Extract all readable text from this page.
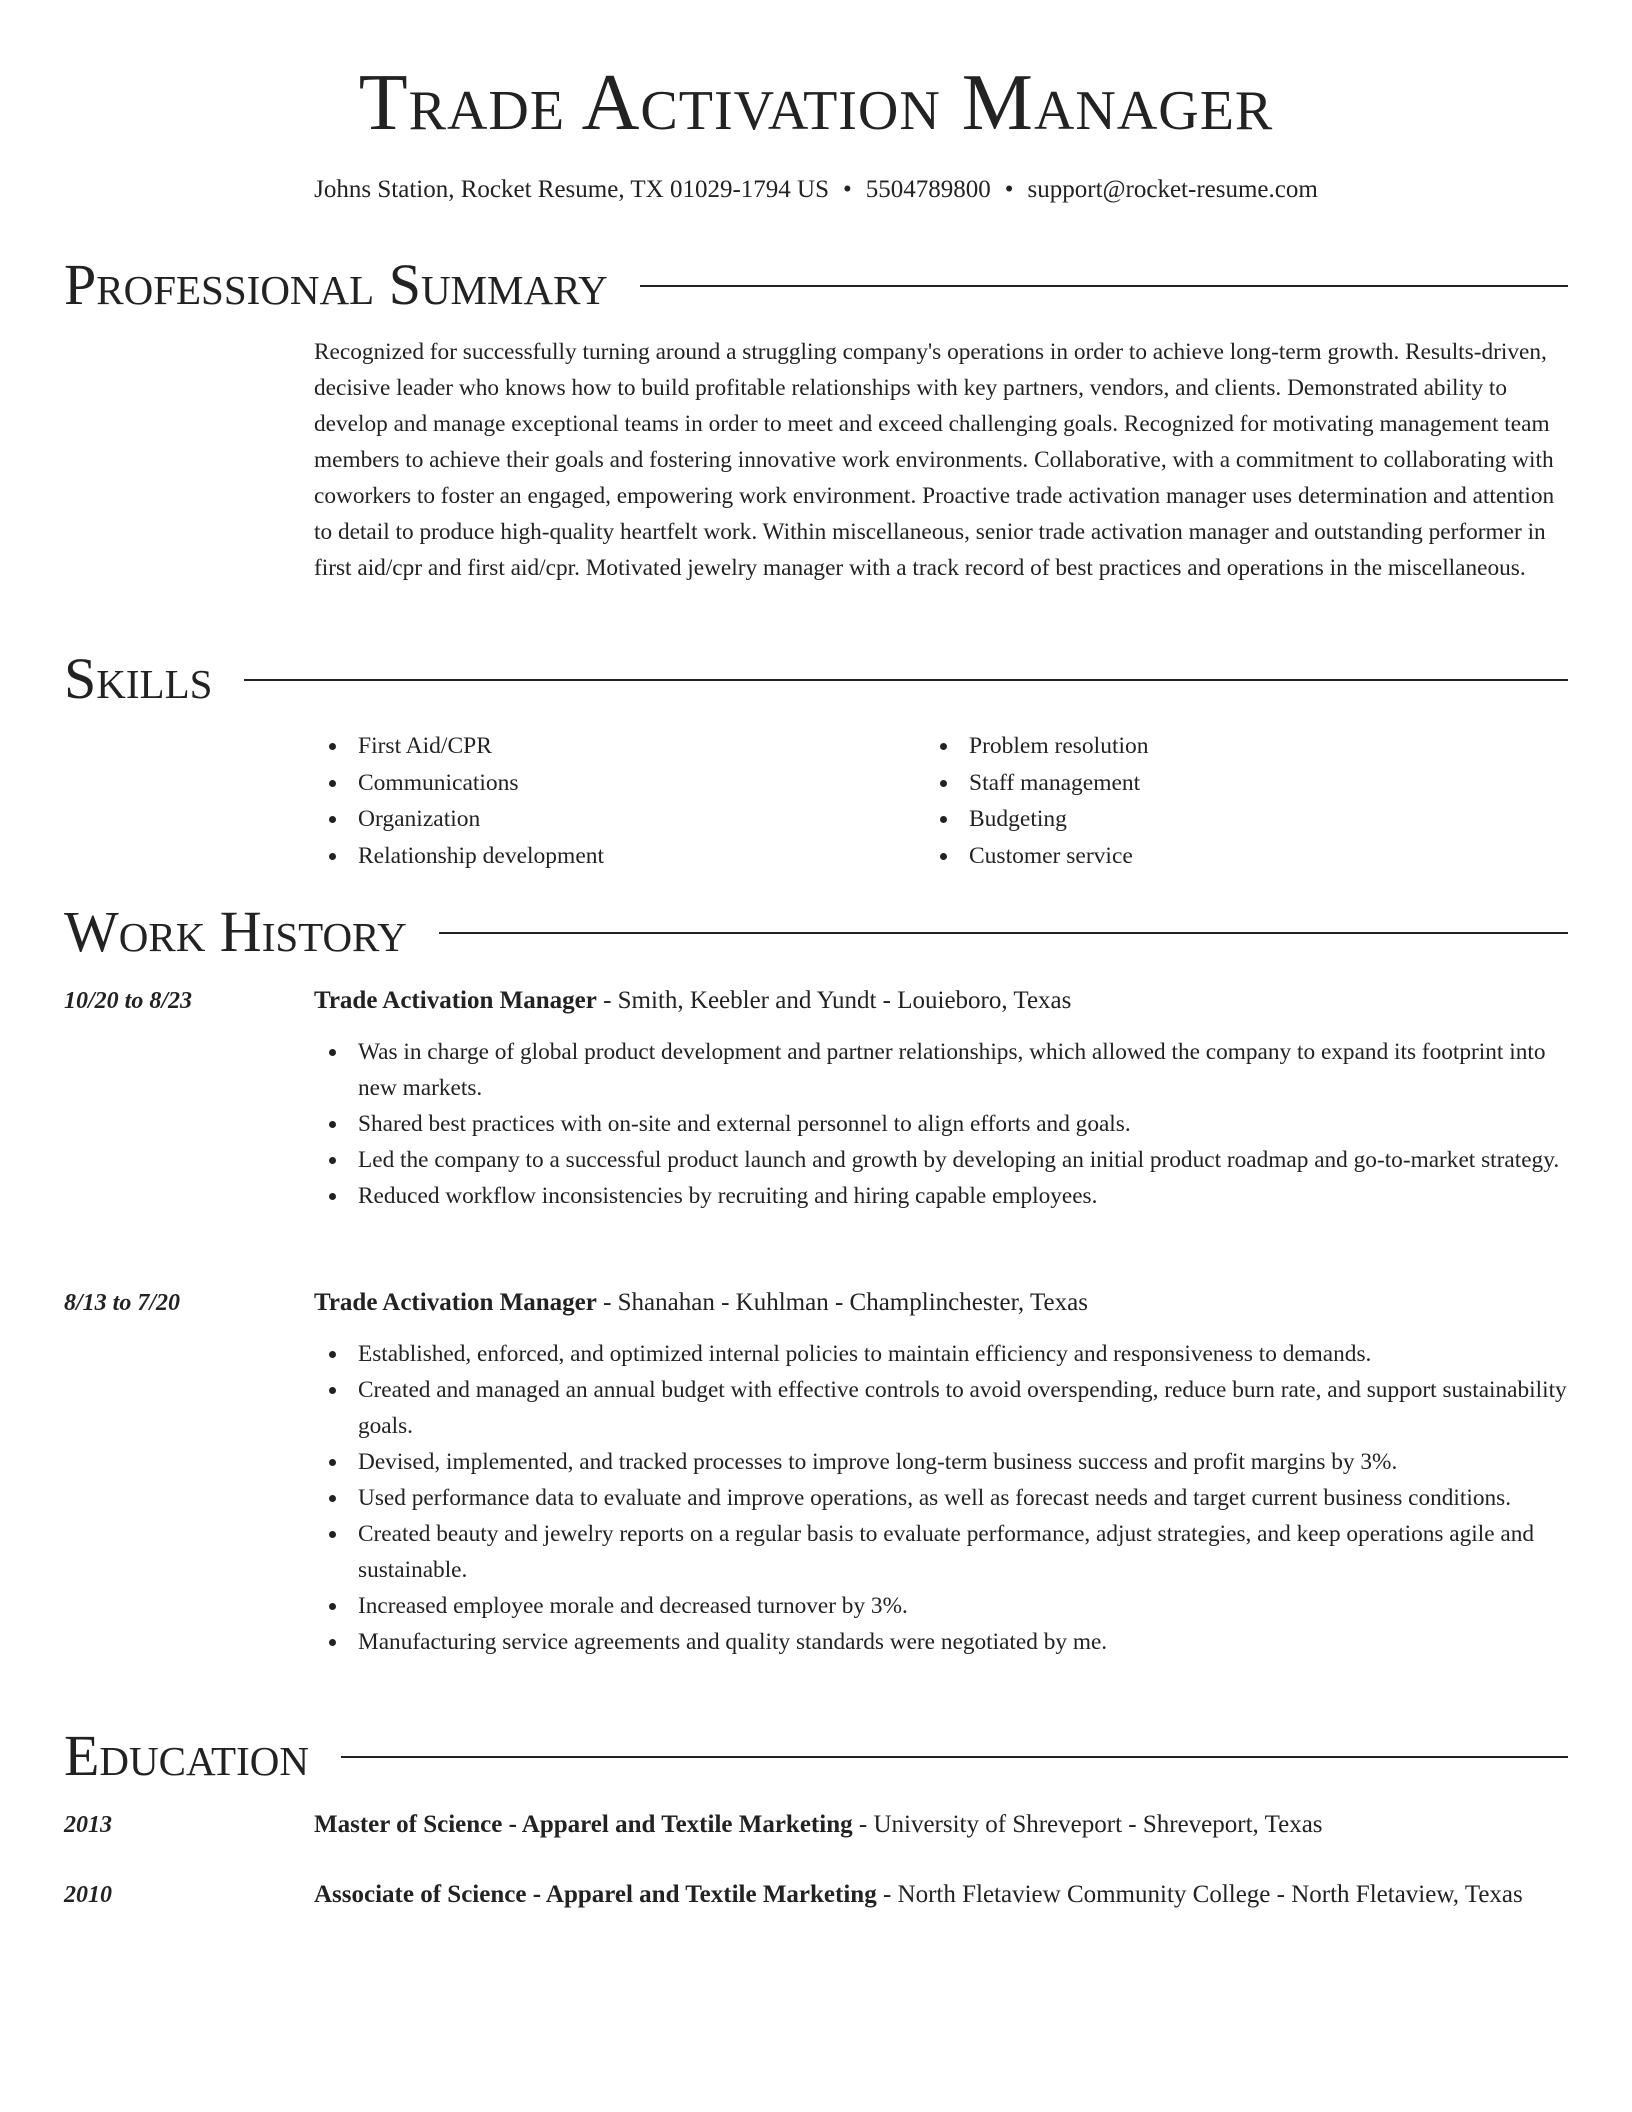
Trade Activation Manager
Johns Station, Rocket Resume, TX 01029-1794 US • 5504789800 • support@rocket-resume.com
Professional Summary
Recognized for successfully turning around a struggling company's operations in order to achieve long-term growth. Results-driven, decisive leader who knows how to build profitable relationships with key partners, vendors, and clients. Demonstrated ability to develop and manage exceptional teams in order to meet and exceed challenging goals. Recognized for motivating management team members to achieve their goals and fostering innovative work environments. Collaborative, with a commitment to collaborating with coworkers to foster an engaged, empowering work environment. Proactive trade activation manager uses determination and attention to detail to produce high-quality heartfelt work. Within miscellaneous, senior trade activation manager and outstanding performer in first aid/cpr and first aid/cpr. Motivated jewelry manager with a track record of best practices and operations in the miscellaneous.
Skills
First Aid/CPR
Communications
Organization
Relationship development
Problem resolution
Staff management
Budgeting
Customer service
Work History
10/20 to 8/23	Trade Activation Manager - Smith, Keebler and Yundt - Louieboro, Texas
Was in charge of global product development and partner relationships, which allowed the company to expand its footprint into new markets.
Shared best practices with on-site and external personnel to align efforts and goals.
Led the company to a successful product launch and growth by developing an initial product roadmap and go-to-market strategy.
Reduced workflow inconsistencies by recruiting and hiring capable employees.
8/13 to 7/20	Trade Activation Manager - Shanahan - Kuhlman - Champlinchester, Texas
Established, enforced, and optimized internal policies to maintain efficiency and responsiveness to demands.
Created and managed an annual budget with effective controls to avoid overspending, reduce burn rate, and support sustainability goals.
Devised, implemented, and tracked processes to improve long-term business success and profit margins by 3%.
Used performance data to evaluate and improve operations, as well as forecast needs and target current business conditions.
Created beauty and jewelry reports on a regular basis to evaluate performance, adjust strategies, and keep operations agile and sustainable.
Increased employee morale and decreased turnover by 3%.
Manufacturing service agreements and quality standards were negotiated by me.
Education
2013	Master of Science - Apparel and Textile Marketing - University of Shreveport - Shreveport, Texas
2010	Associate of Science - Apparel and Textile Marketing - North Fletaview Community College - North Fletaview, Texas
